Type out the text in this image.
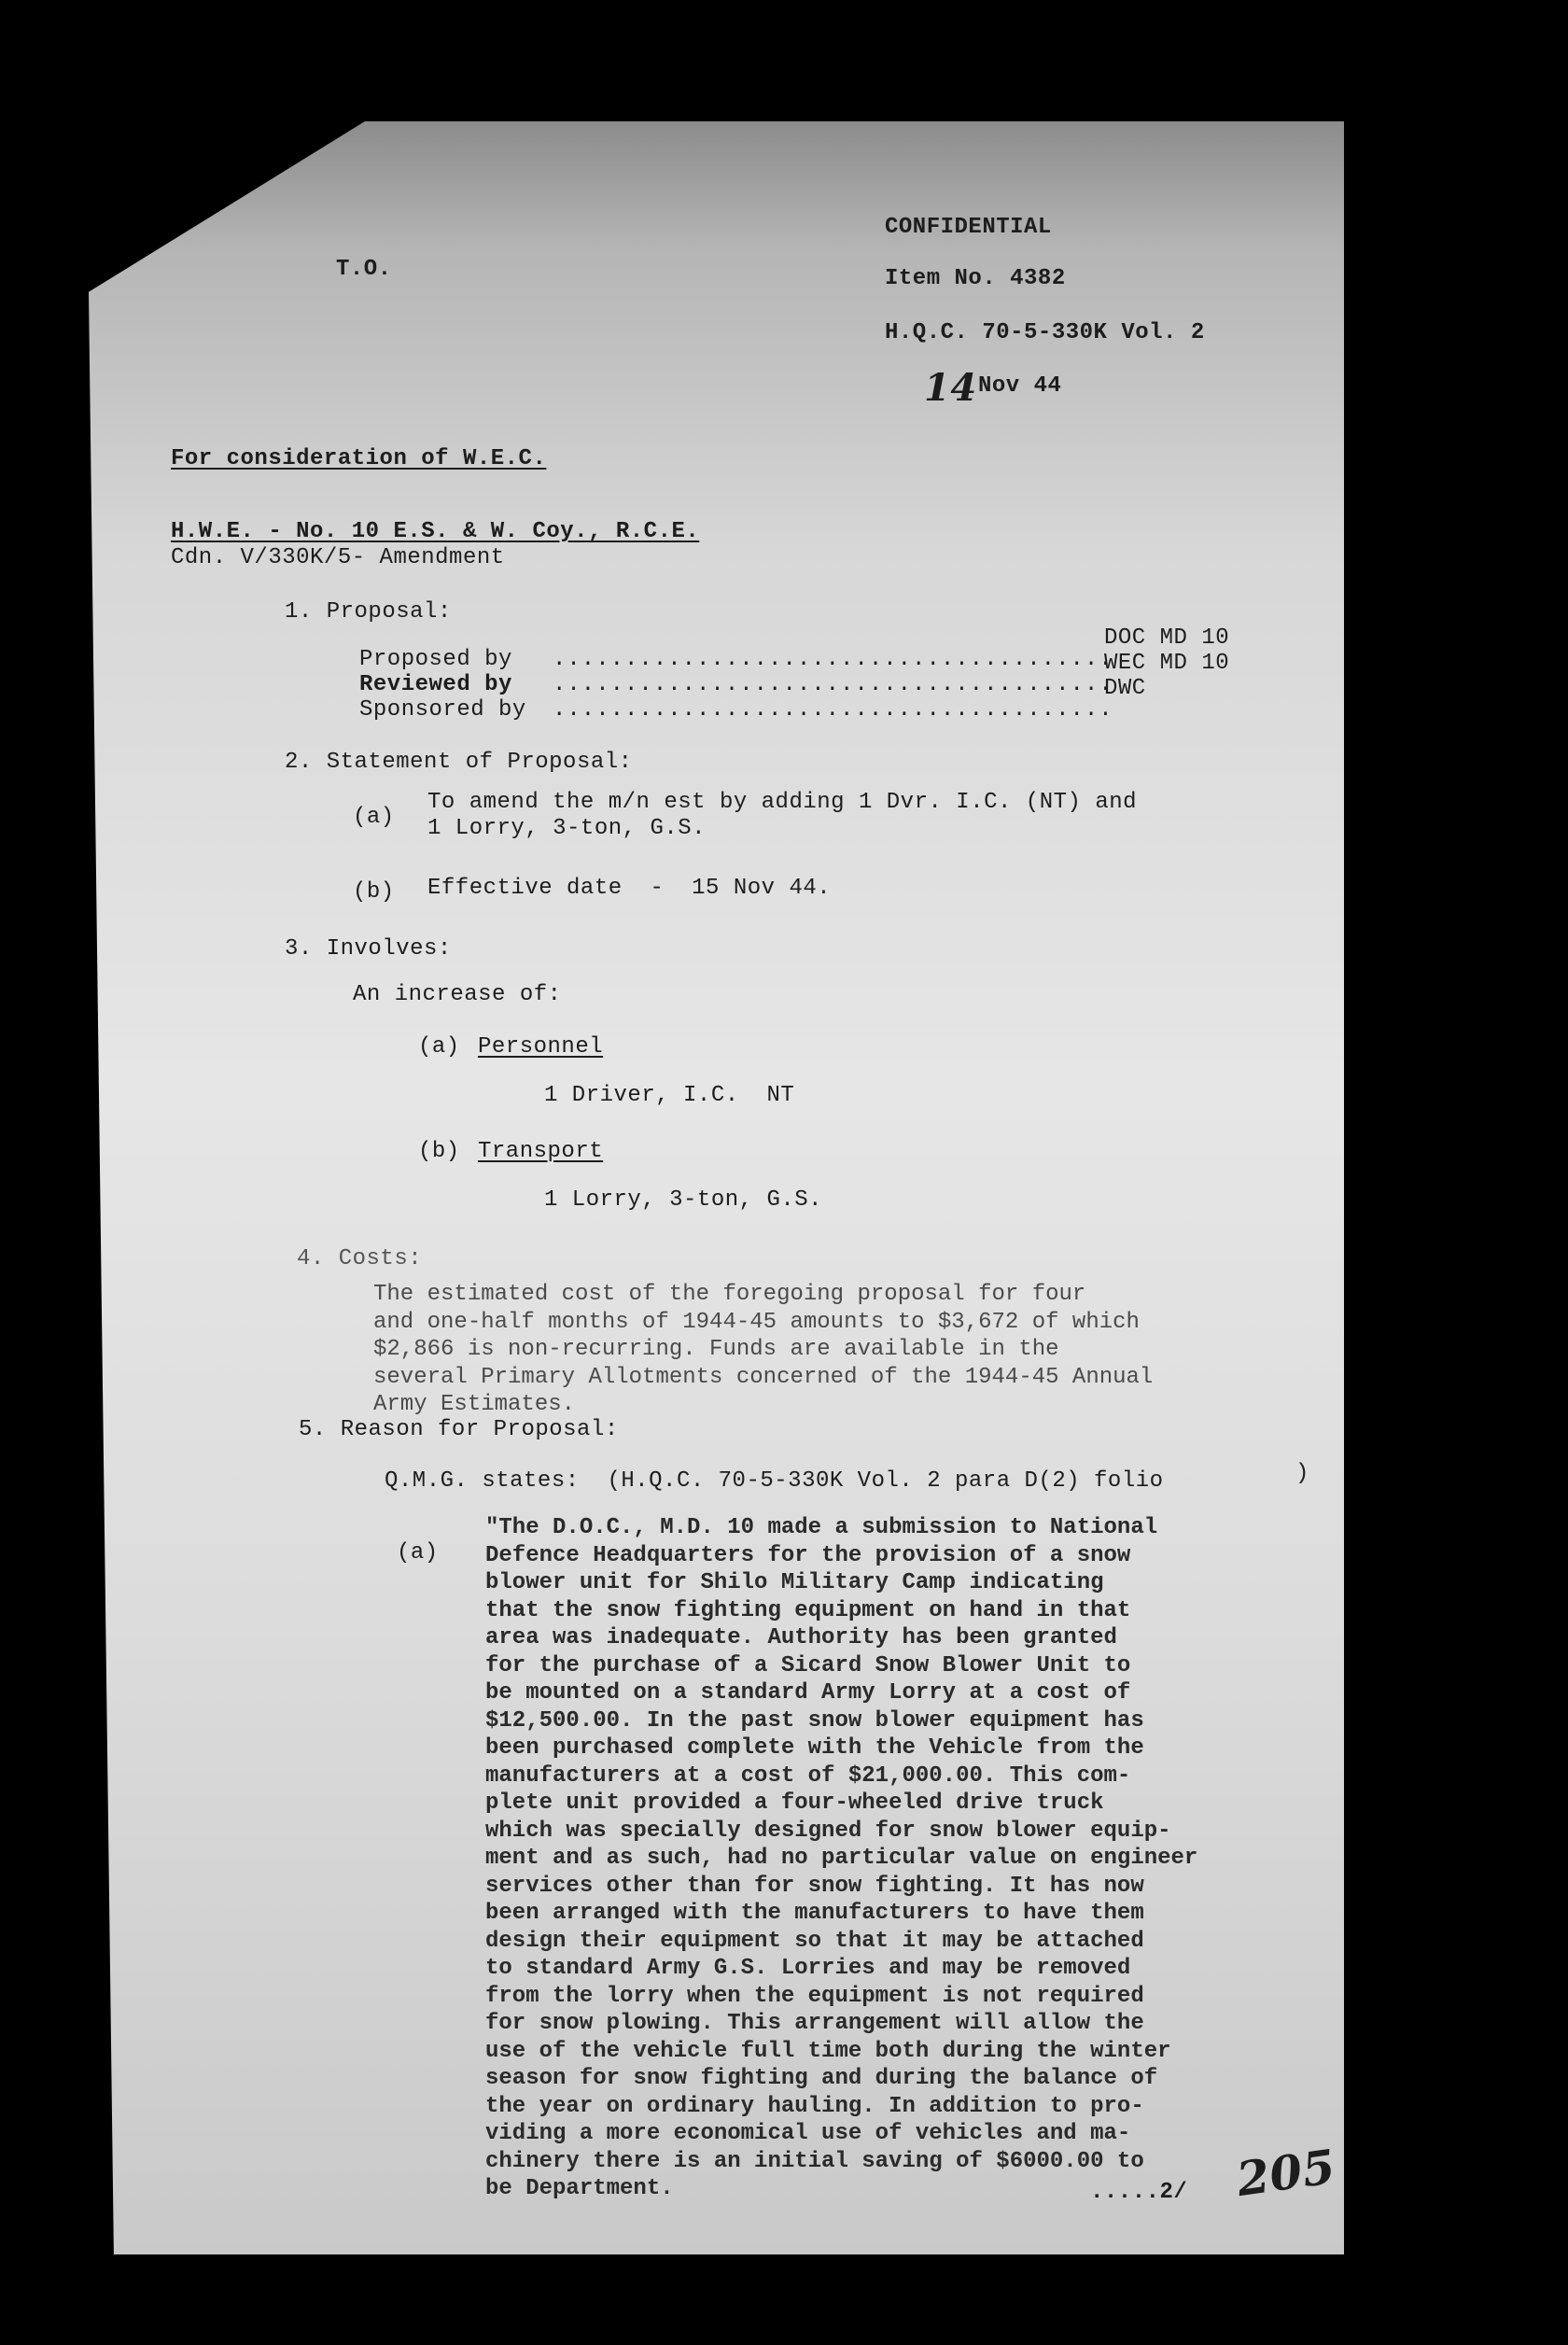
T.O.
CONFIDENTIAL
Item No. 4382
H.Q.C. 70-5-330K Vol. 2
14 Nov 44
For consideration of W.E.C.
H.W.E. - No. 10 E.S. & W. Coy., R.C.E.
Cdn. V/330K/5- Amendment
1. Proposal:
Proposed by .......................................
DOC MD 10
Reviewed by .......................................
WEC MD 10
Sponsored by .......................................
DWC
2. Statement of Proposal:
(a)
To amend the m/n est by adding 1 Dvr. I.C. (NT) and
1 Lorry, 3-ton, G.S.
(b) Effective date  -  15 Nov 44.
3. Involves:
An increase of:
(a) Personnel
1 Driver, I.C.  NT
(b) Transport
1 Lorry, 3-ton, G.S.
4. Costs:
The estimated cost of the foregoing proposal for four
and one-half months of 1944-45 amounts to $3,672 of which
$2,866 is non-recurring. Funds are available in the
several Primary Allotments concerned of the 1944-45 Annual
Army Estimates.
5. Reason for Proposal:
Q.M.G. states:  (H.Q.C. 70-5-330K Vol. 2 para D(2) folio	)
(a)
"The D.O.C., M.D. 10 made a submission to National
Defence Headquarters for the provision of a snow
blower unit for Shilo Military Camp indicating
that the snow fighting equipment on hand in that
area was inadequate. Authority has been granted
for the purchase of a Sicard Snow Blower Unit to
be mounted on a standard Army Lorry at a cost of
$12,500.00. In the past snow blower equipment has
been purchased complete with the Vehicle from the
manufacturers at a cost of $21,000.00. This com-
plete unit provided a four-wheeled drive truck
which was specially designed for snow blower equip-
ment and as such, had no particular value on engineer
services other than for snow fighting. It has now
been arranged with the manufacturers to have them
design their equipment so that it may be attached
to standard Army G.S. Lorries and may be removed
from the lorry when the equipment is not required
for snow plowing. This arrangement will allow the
use of the vehicle full time both during the winter
season for snow fighting and during the balance of
the year on ordinary hauling. In addition to pro-
viding a more economical use of vehicles and ma-
chinery there is an initial saving of $6000.00 to
be Department.	.....2/ 205
